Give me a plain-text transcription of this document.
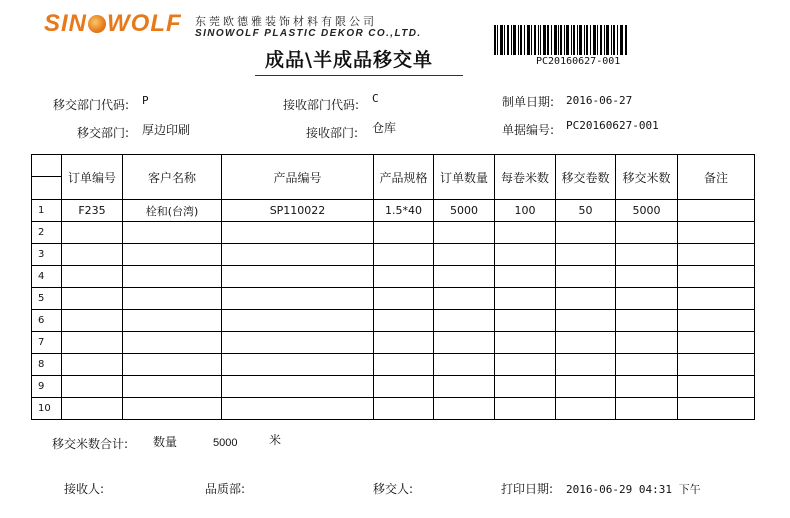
SIN WOLF 东莞欧德雅装饰材料有限公司
SINOWOLF PLASTIC DEKOR CO.,LTD.
PC20160627-001
成品\半成品移交单
移交部门代码: P	接收部门代码: C	制单日期: 2016-06-27
移交部门: 厚边印刷	接收部门: 仓库	单据编号: PC20160627-001
	订单编号	客户名称	产品编号	产品规格	订单数量	每卷米数	移交卷数	移交米数	备注
1	F235	栓和(台湾)	SP110022	1.5*40	5000	100	50	5000	
2									
3									
4									
5									
6									
7									
8									
9									
10									
移交米数合计: 数量	5000	米
接收人:	品质部:	移交人:	打印日期: 2016-06-29 04:31 下午
